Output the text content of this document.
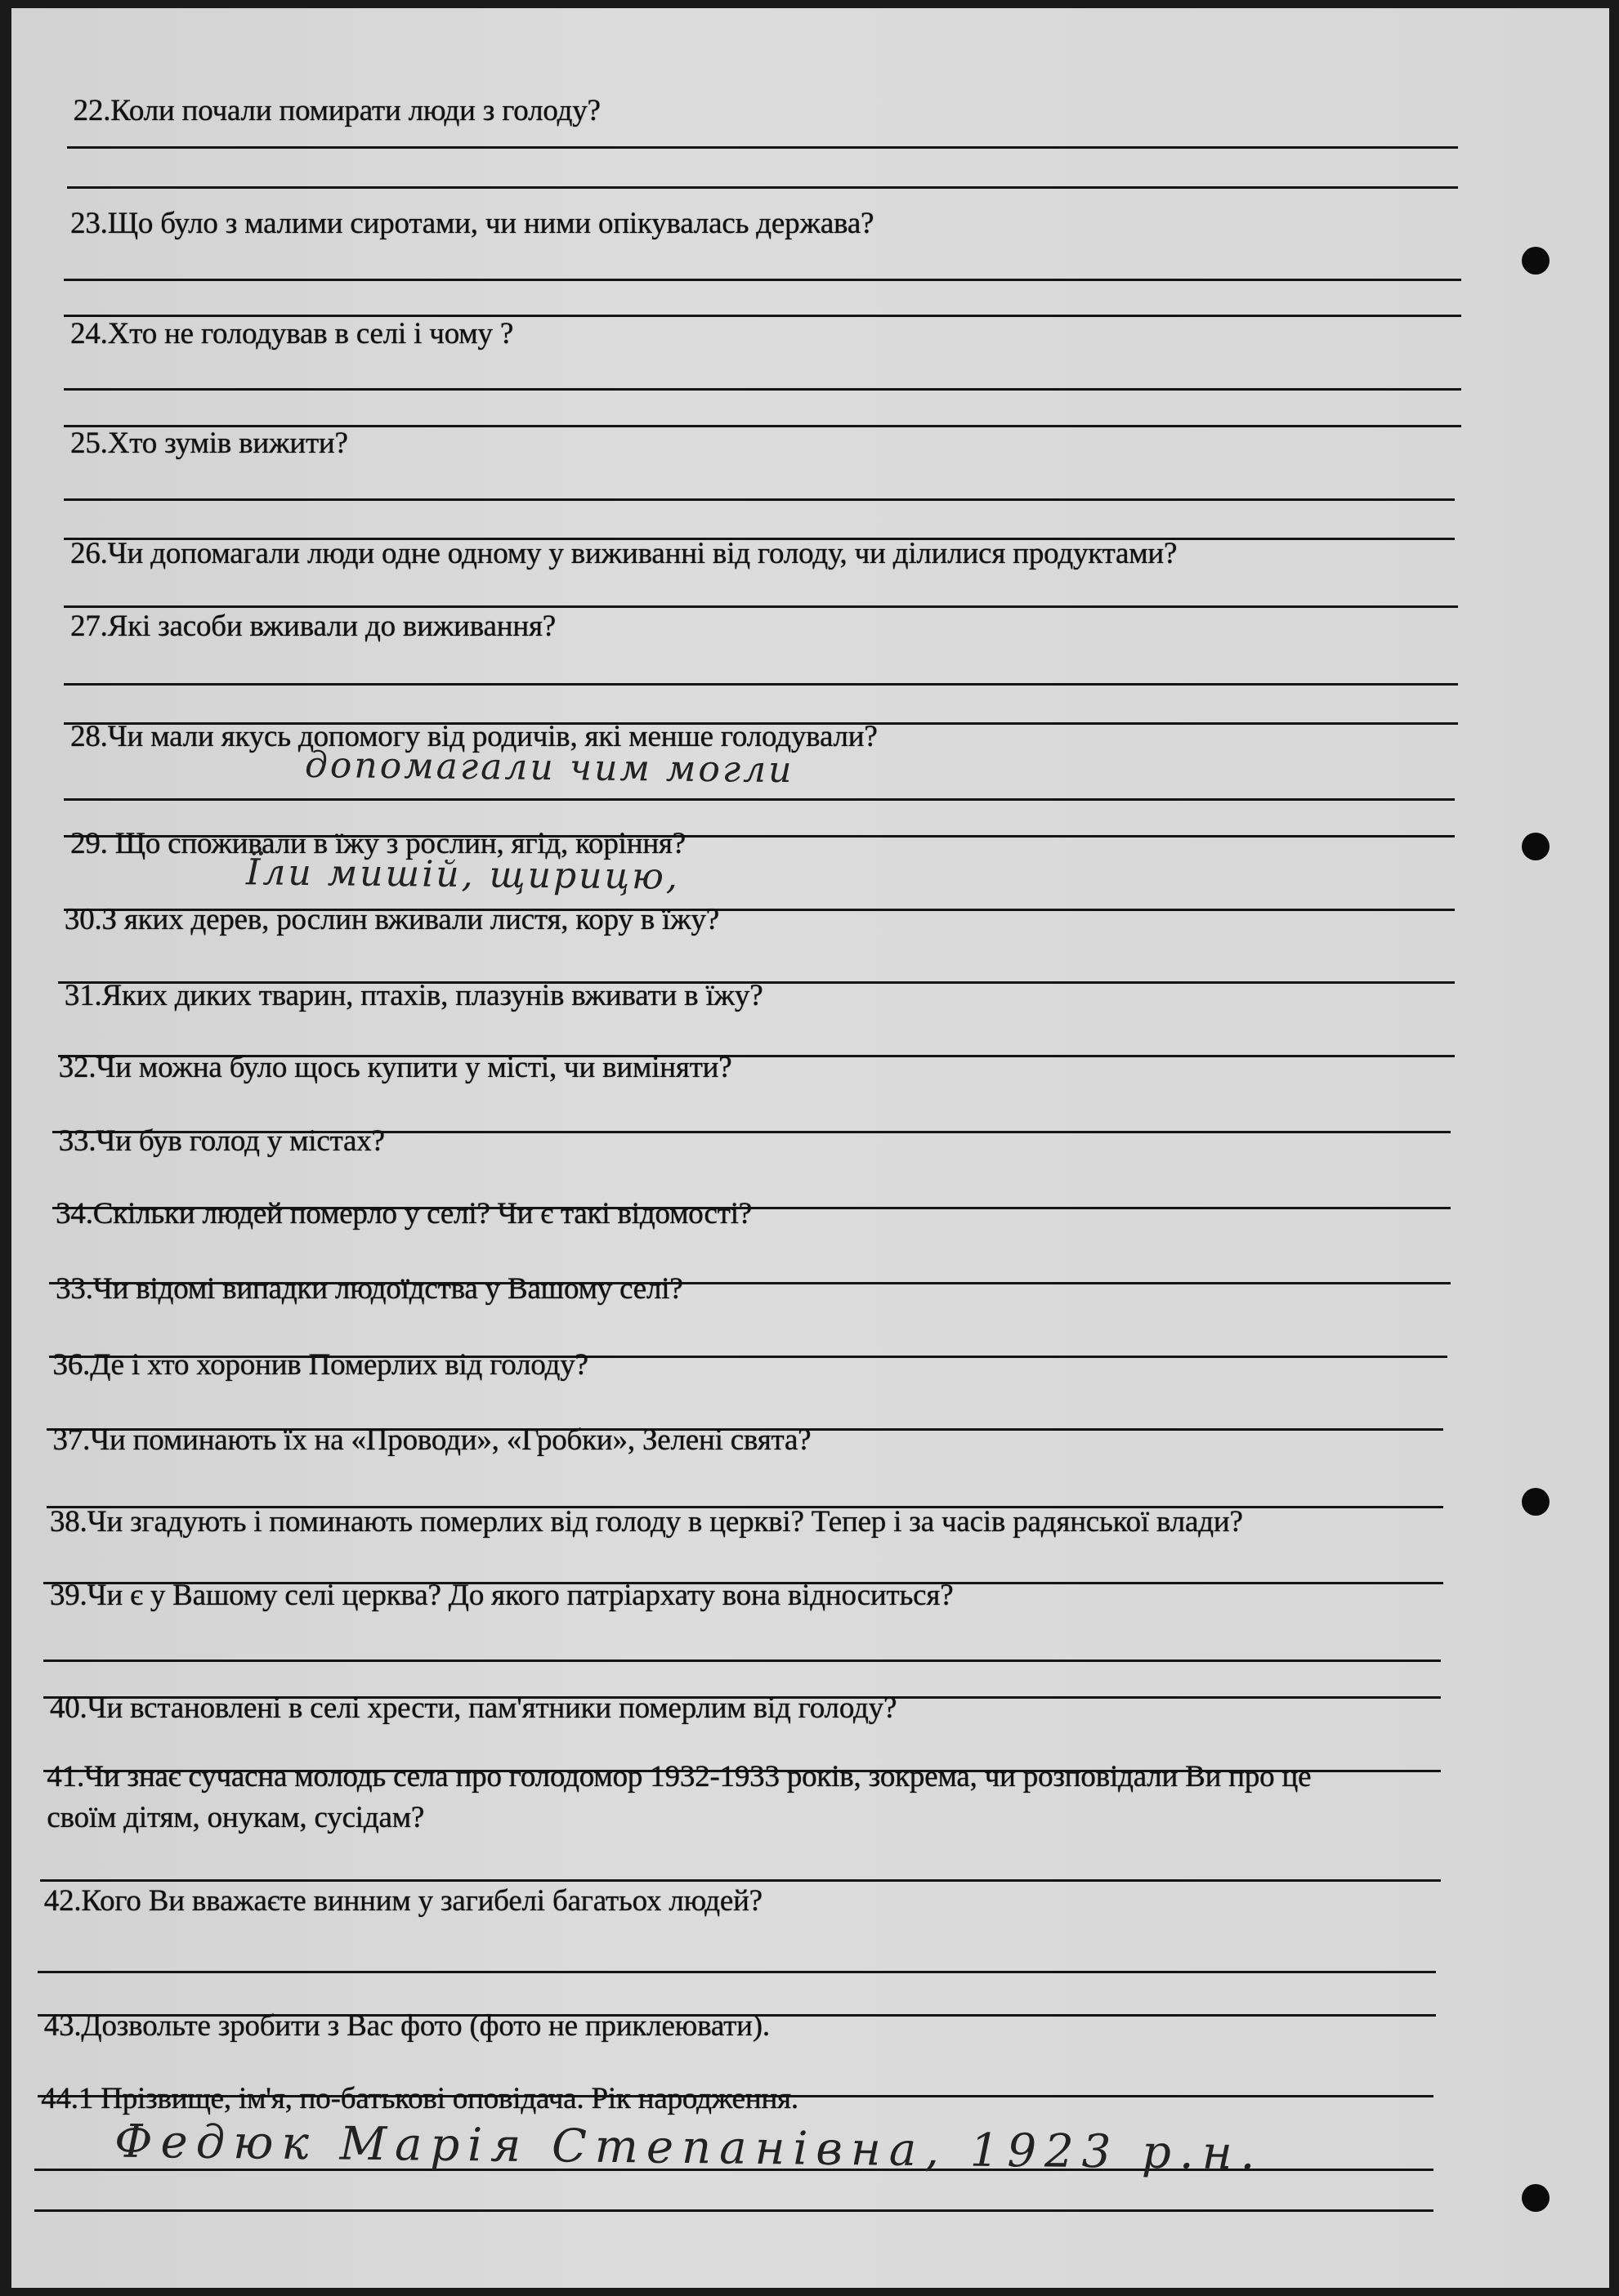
22.Коли почали помирати люди з голоду?
23.Що було з малими сиротами, чи ними опікувалась держава?
24.Хто не голодував в селі і чому ?
25.Хто зумів вижити?
26.Чи допомагали люди одне одному у виживанні від голоду, чи ділилися продуктами?
27.Які засоби вживали до виживання?
28.Чи мали якусь допомогу від родичів, які менше голодували?
допомагали чим могли
29. Що споживали в їжу з рослин, ягід, коріння?
Їли мишій, щирицю,
30.З яких дерев, рослин вживали листя, кору в їжу?
31.Яких диких тварин, птахів, плазунів вживати в їжу?
32.Чи можна було щось купити у місті, чи виміняти?
33.Чи був голод у містах?
34.Скільки людей померло у селі? Чи є такі відомості?
33.Чи відомі випадки людоїдства у Вашому селі?
36.Де і хто хоронив Померлих від голоду?
37.Чи поминають їх на «Проводи», «Гробки», Зелені свята?
38.Чи згадують і поминають померлих від голоду в церкві? Тепер і за часів радянської влади?
39.Чи є у Вашому селі церква? До якого патріархату вона відноситься?
40.Чи встановлені в селі хрести, пам'ятники померлим від голоду?
41.Чи знає сучасна молодь села про голодомор 1932-1933 років, зокрема, чи розповідали Ви про це
своїм дітям, онукам, сусідам?
42.Кого Ви вважаєте винним у загибелі багатьох людей?
43.Дозвольте зробити з Вас фото (фото не приклеювати).
44.1 Прізвище, ім'я, по-батькові оповідача. Рік народження.
Федюк Марія Степанівна, 1923 р.н.
